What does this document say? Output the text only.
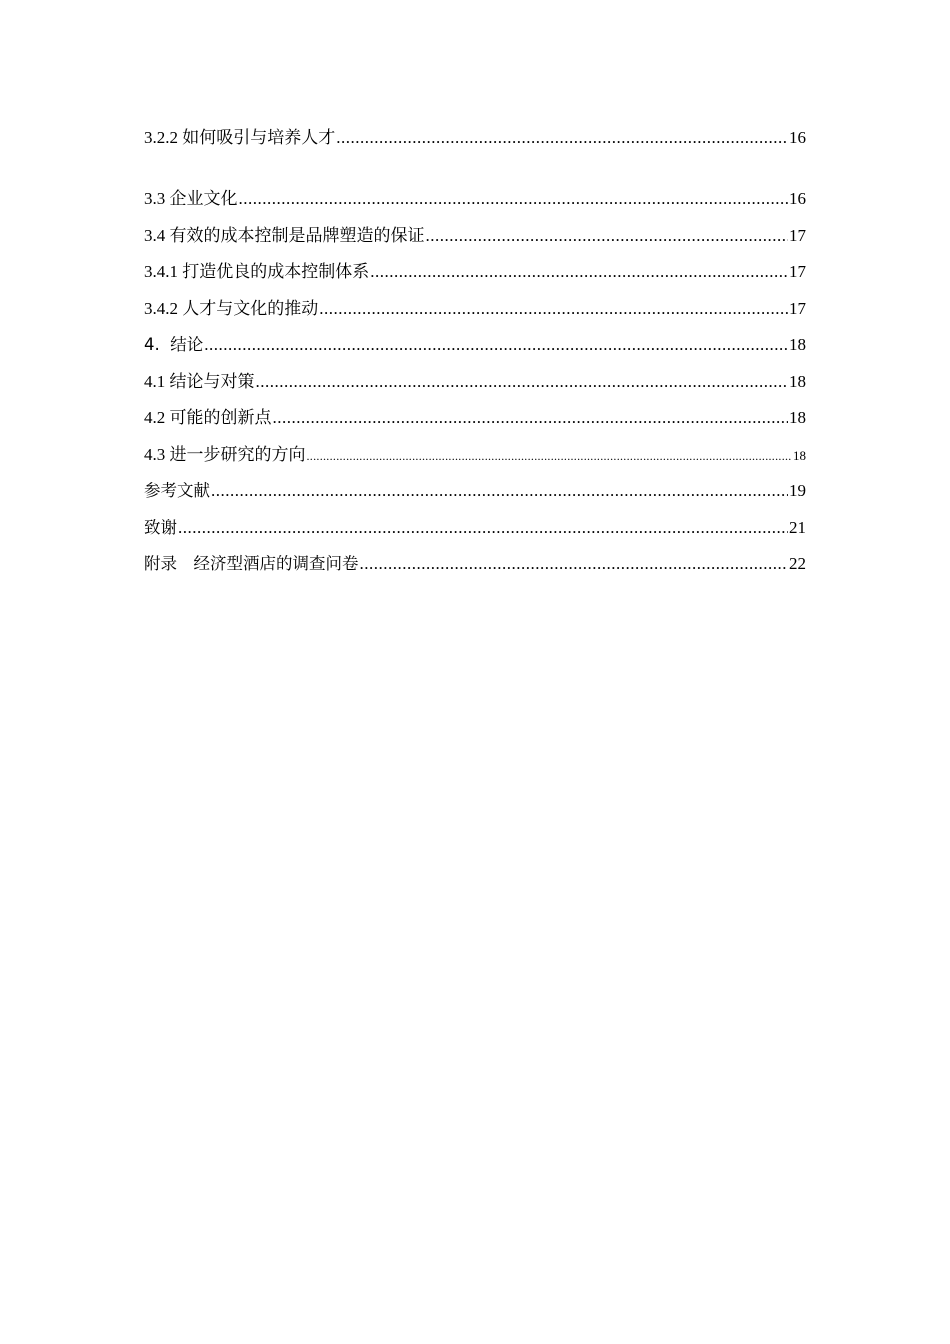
3.2.2 如何吸引与培养人才 .....	16
3.3 企业文化 .....	16
3.4 有效的成本控制是品牌塑造的保证 .....	17
3.4.1 打造优良的成本控制体系 .....	17
3.4.2 人才与文化的推动 .....	17
4.  结论 .....	18
4.1 结论与对策 .....	18
4.2 可能的创新点 .....	18
4.3 进一步研究的方向 .....	18
参考文献 .....	19
致谢 .....	21
附录　经济型酒店的调查问卷 .....	22
